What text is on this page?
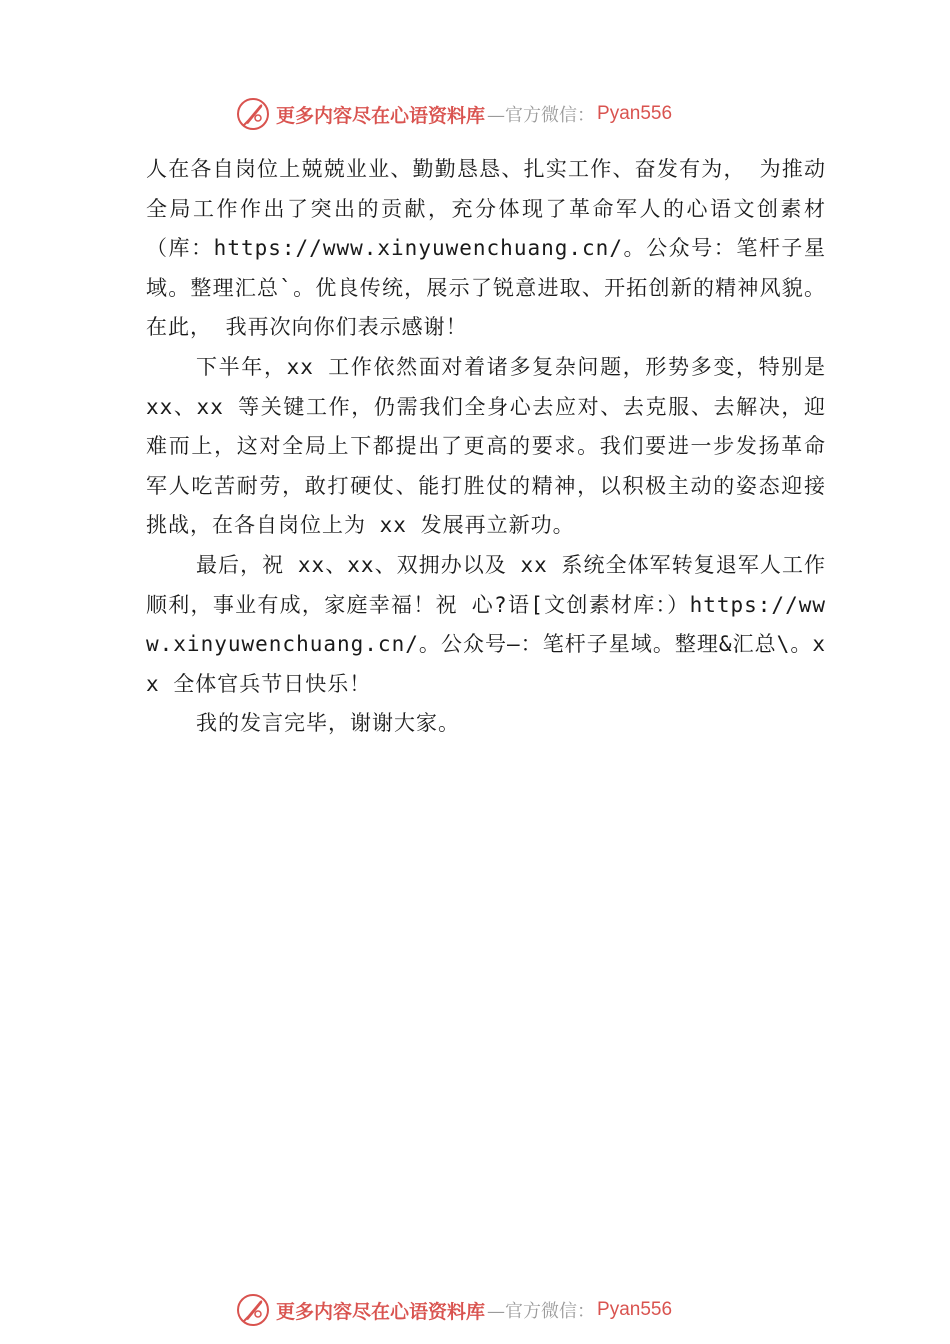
更多内容尽在心语资料库 —官方微信： Pyan556

人在各自岗位上兢兢业业、勤勤恳恳、扎实工作、奋发有为， 为推动全局工作作出了突出的贡献，充分体现了革命军人的心语文创素材（库：https://www.xinyuwenchuang.cn/。公众号：笔杆子星域。整理汇总`。优良传统，展示了锐意进取、开拓创新的精神风貌。在此， 我再次向你们表示感谢！

下半年，xx 工作依然面对着诸多复杂问题，形势多变，特别是 xx、xx 等关键工作，仍需我们全身心去应对、去克服、去解决，迎难而上，这对全局上下都提出了更高的要求。我们要进一步发扬革命军人吃苦耐劳，敢打硬仗、能打胜仗的精神，以积极主动的姿态迎接挑战，在各自岗位上为 xx 发展再立新功。

最后，祝 xx、xx、双拥办以及 xx 系统全体军转复退军人工作顺利，事业有成，家庭幸福！祝 心?语[文创素材库：）https://www.xinyuwenchuang.cn/。公众号—：笔杆子星域。整理&汇总\。xx 全体官兵节日快乐！

我的发言完毕，谢谢大家。

更多内容尽在心语资料库 —官方微信： Pyan556
